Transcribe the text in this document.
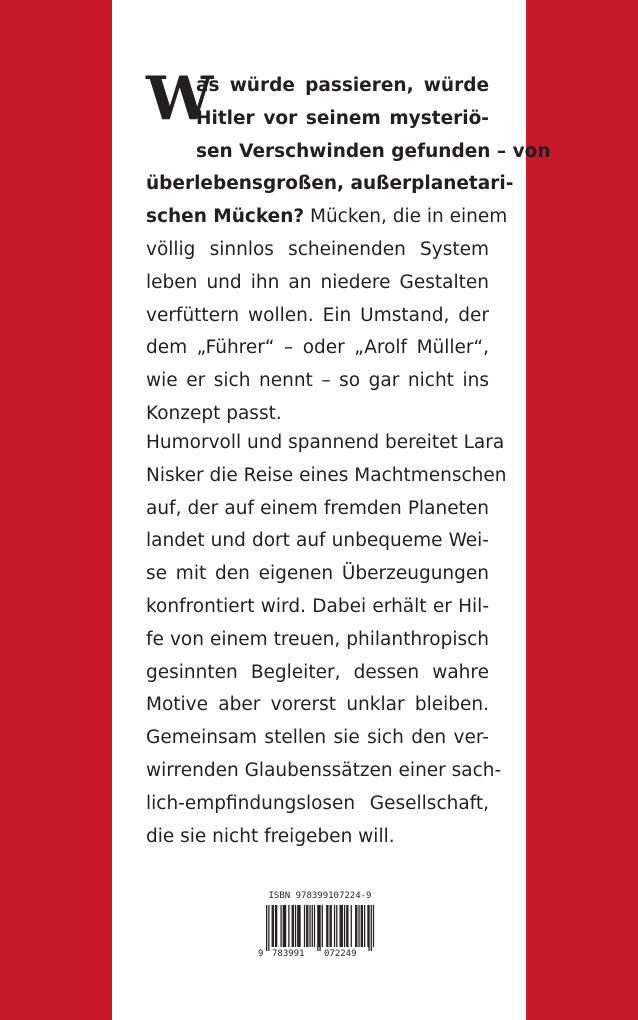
W
as würde passieren, würde
Hitler vor seinem mysteriö-
sen Verschwinden gefunden – von
überlebensgroßen, außerplanetari-
schen Mücken? Mücken, die in einem
völlig sinnlos scheinenden System
leben und ihn an niedere Gestalten
verfüttern wollen. Ein Umstand, der
dem „Führer“ – oder „Arolf Müller“,
wie er sich nennt – so gar nicht ins
Konzept passt.
Humorvoll und spannend bereitet Lara
Nisker die Reise eines Machtmenschen
auf, der auf einem fremden Planeten
landet und dort auf unbequeme Wei-
se mit den eigenen Überzeugungen
konfrontiert wird. Dabei erhält er Hil-
fe von einem treuen, philanthropisch
gesinnten Begleiter, dessen wahre
Motive aber vorerst unklar bleiben.
Gemeinsam stellen sie sich den ver-
wirrenden Glaubenssätzen einer sach-
lich-empfindungslosen Gesellschaft,
die sie nicht freigeben will.
ISBN 978399107224-9
9 783991 072249
